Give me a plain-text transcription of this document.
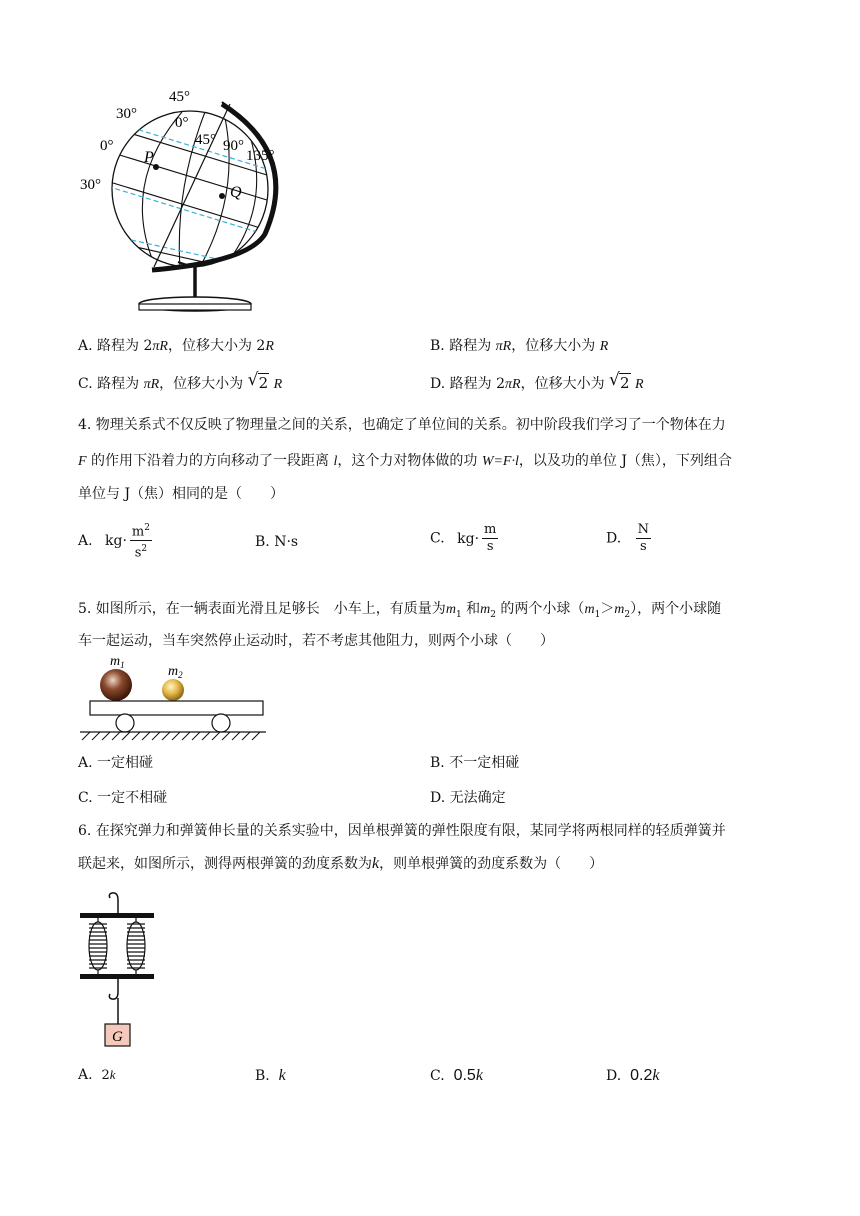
45°
30°
0°
30°
0°
45° 90°
135°
P
Q
A. 路程为 2πR，位移大小为 2R	B. 路程为 πR，位移大小为 R
C. 路程为 πR，位移大小为 √ 2 R	D. 路程为 2πR，位移大小为 √ 2 R
4. 物理关系式不仅反映了物理量之间的关系，也确定了单位间的关系。初中阶段我们学习了一个物体在力
F 的作用下沿着力的方向移动了一段距离 l，这个力对物体做的功 W=F·l，以及功的单位 J（焦），下列组合
单位与 J（焦）相同的是（　　）
A. $kg\cdot \frac{m^2}{s^2}$	B. N·s	C. $kg\cdot \frac{m}{s}$	D. $\frac{N}{s}$
5. 如图所示，在一辆表面光滑且足够长　小车上，有质量为$m_1$ 和$m_2$ 的两个小球$(m_1>m_2)$，两个小球随
车一起运动，当车突然停止运动时，若不考虑其他阻力，则两个小球（　　）
$m_1$	$m_2$
A. 一定相碰	B. 不一定相碰
C. 一定不相碰	D. 无法确定
6. 在探究弹力和弹簧伸长量的关系实验中，因单根弹簧的弹性限度有限，某同学将两根同样的轻质弹簧并
联起来，如图所示，测得两根弹簧的劲度系数为k，则单根弹簧的劲度系数为（　　）
G
A. 2k	B. k	C. 0.5k	D. 0.2k
